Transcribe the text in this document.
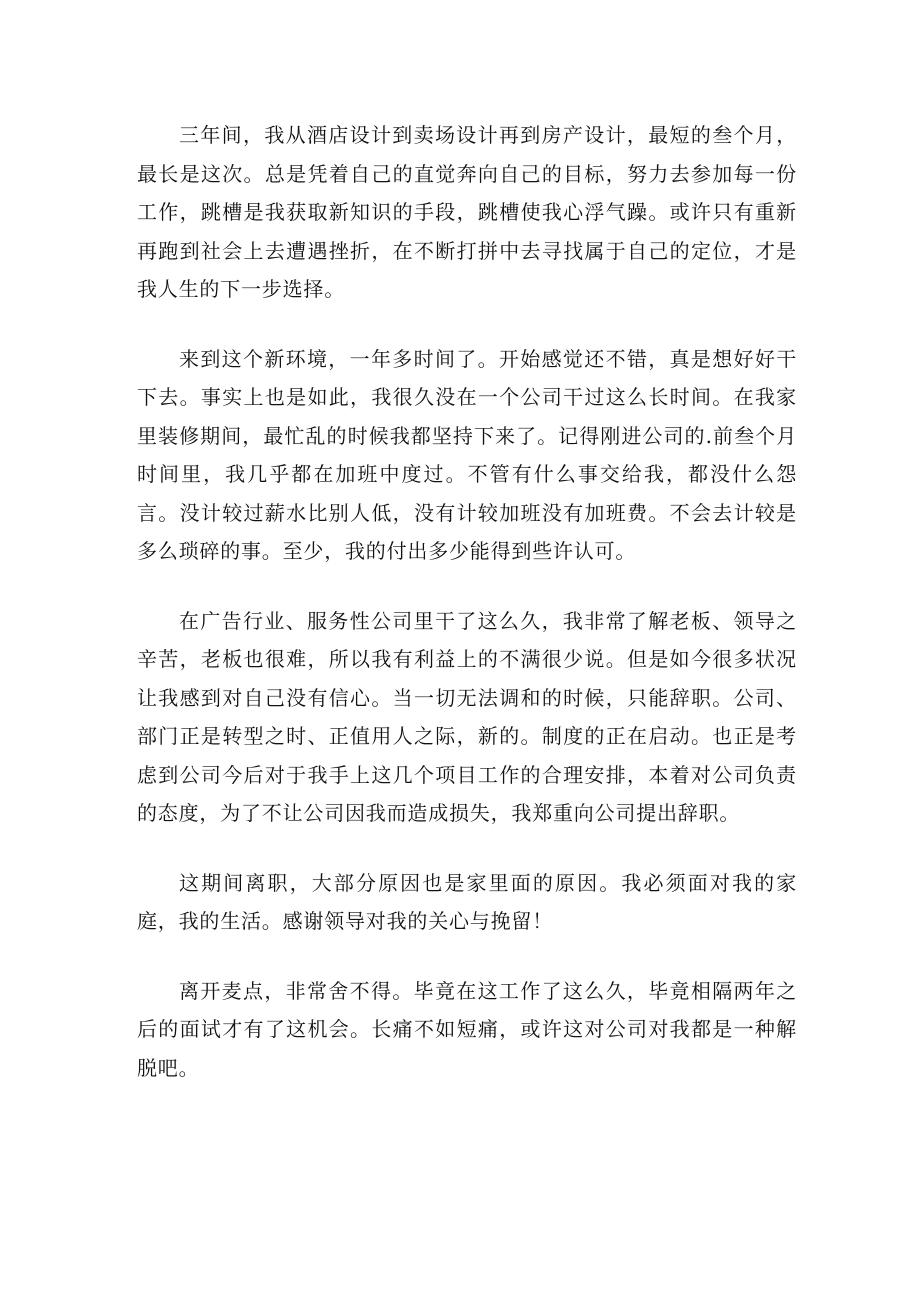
三年间，我从酒店设计到卖场设计再到房产设计，最短的叁个月，最长是这次。总是凭着自己的直觉奔向自己的目标，努力去参加每一份工作，跳槽是我获取新知识的手段，跳槽使我心浮气躁。或许只有重新再跑到社会上去遭遇挫折，在不断打拼中去寻找属于自己的定位，才是我人生的下一步选择。

来到这个新环境，一年多时间了。开始感觉还不错，真是想好好干下去。事实上也是如此，我很久没在一个公司干过这么长时间。在我家里装修期间，最忙乱的时候我都坚持下来了。记得刚进公司的.前叁个月时间里，我几乎都在加班中度过。不管有什么事交给我，都没什么怨言。没计较过薪水比别人低，没有计较加班没有加班费。不会去计较是多么琐碎的事。至少，我的付出多少能得到些许认可。

在广告行业、服务性公司里干了这么久，我非常了解老板、领导之辛苦，老板也很难，所以我有利益上的不满很少说。但是如今很多状况让我感到对自己没有信心。当一切无法调和的时候，只能辞职。公司、部门正是转型之时、正值用人之际，新的。制度的正在启动。也正是考虑到公司今后对于我手上这几个项目工作的合理安排，本着对公司负责的态度，为了不让公司因我而造成损失，我郑重向公司提出辞职。

这期间离职，大部分原因也是家里面的原因。我必须面对我的家庭，我的生活。感谢领导对我的关心与挽留！

离开麦点，非常舍不得。毕竟在这工作了这么久，毕竟相隔两年之后的面试才有了这机会。长痛不如短痛，或许这对公司对我都是一种解脱吧。
